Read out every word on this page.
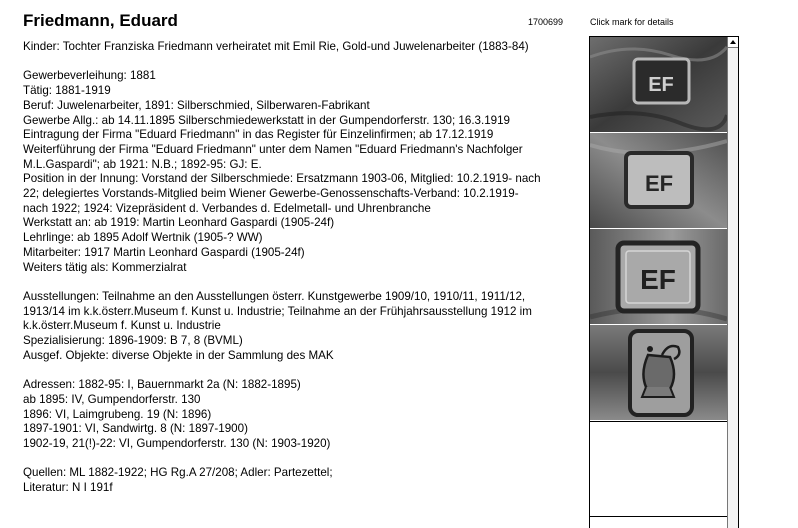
Friedmann, Eduard	1700699	Click mark for details

Kinder: Tochter Franziska Friedmann verheiratet mit Emil Rie, Gold-und Juwelenarbeiter (1883-84)

Gewerbeverleihung: 1881
Tätig: 1881-1919
Beruf: Juwelenarbeiter, 1891: Silberschmied, Silberwaren-Fabrikant
Gewerbe Allg.: ab 14.11.1895 Silberschmiedewerkstatt in der Gumpendorferstr. 130; 16.3.1919
Eintragung der Firma "Eduard Friedmann" in das Register für Einzelinfirmen; ab 17.12.1919
Weiterführung der Firma "Eduard Friedmann" unter dem Namen "Eduard Friedmann's Nachfolger
M.L.Gaspardi"; ab 1921: N.B.; 1892-95: GJ: E.
Position in der Innung: Vorstand der Silberschmiede: Ersatzmann 1903-06, Mitglied: 10.2.1919- nach
22; delegiertes Vorstands-Mitglied beim Wiener Gewerbe-Genossenschafts-Verband: 10.2.1919-
nach 1922; 1924: Vizepräsident d. Verbandes d. Edelmetall- und Uhrenbranche
Werkstatt an: ab 1919: Martin Leonhard Gaspardi (1905-24f)
Lehrlinge: ab 1895 Adolf Wertnik (1905-? WW)
Mitarbeiter: 1917 Martin Leonhard Gaspardi (1905-24f)
Weiters tätig als: Kommerzialrat

Ausstellungen: Teilnahme an den Ausstellungen österr. Kunstgewerbe 1909/10, 1910/11, 1911/12,
1913/14 im k.k.österr.Museum f. Kunst u. Industrie; Teilnahme an der Frühjahrsausstellung 1912 im
k.k.österr.Museum f. Kunst u. Industrie
Spezialisierung: 1896-1909: B 7, 8 (BVML)
Ausgef. Objekte: diverse Objekte in der Sammlung des MAK

Adressen: 1882-95: I, Bauernmarkt 2a (N: 1882-1895)
ab 1895: IV, Gumpendorferstr. 130
1896: VI, Laimgrubeng. 19 (N: 1896)
1897-1901: VI, Sandwirtg. 8 (N: 1897-1900)
1902-19, 21(!)-22: VI, Gumpendorferstr. 130 (N: 1903-1920)

Quellen: ML 1882-1922; HG Rg.A 27/208; Adler: Partezettel;
Literatur: N I 191f

EF
EF
EF
